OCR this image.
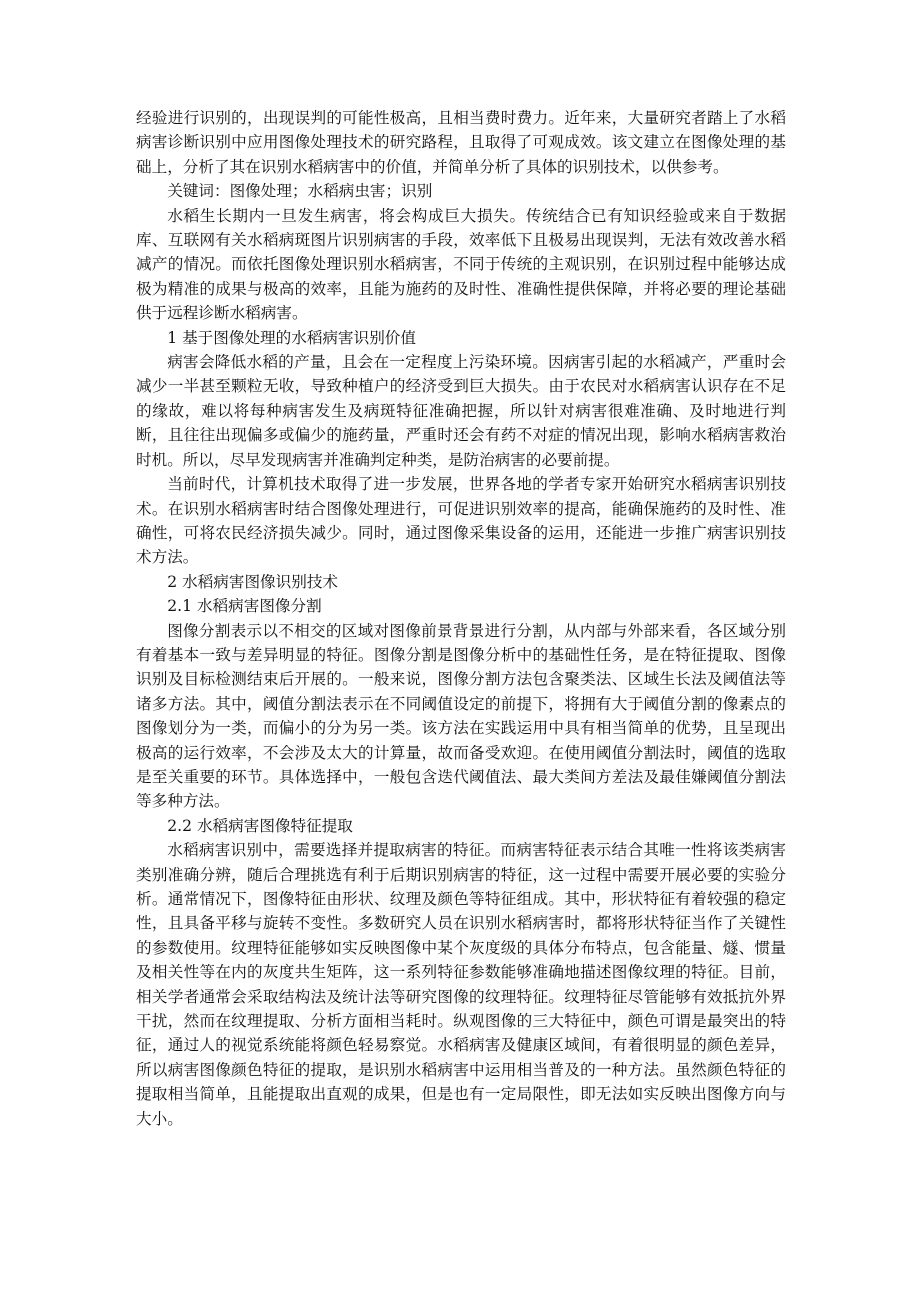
经验进行识别的，出现误判的可能性极高，且相当费时费力。近年来，大量研究者踏上了水稻病害诊断识别中应用图像处理技术的研究路程，且取得了可观成效。该文建立在图像处理的基础上，分析了其在识别水稻病害中的价值，并简单分析了具体的识别技术，以供参考。

关键词：图像处理；水稻病虫害；识别

水稻生长期内一旦发生病害，将会构成巨大损失。传统结合已有知识经验或来自于数据库、互联网有关水稻病斑图片识别病害的手段，效率低下且极易出现误判，无法有效改善水稻减产的情况。而依托图像处理识别水稻病害，不同于传统的主观识别，在识别过程中能够达成极为精准的成果与极高的效率，且能为施药的及时性、准确性提供保障，并将必要的理论基础供于远程诊断水稻病害。

1 基于图像处理的水稻病害识别价值

病害会降低水稻的产量，且会在一定程度上污染环境。因病害引起的水稻减产，严重时会减少一半甚至颗粒无收，导致种植户的经济受到巨大损失。由于农民对水稻病害认识存在不足的缘故，难以将每种病害发生及病斑特征准确把握，所以针对病害很难准确、及时地进行判断，且往往出现偏多或偏少的施药量，严重时还会有药不对症的情况出现，影响水稻病害救治时机。所以，尽早发现病害并准确判定种类，是防治病害的必要前提。

当前时代，计算机技术取得了进一步发展，世界各地的学者专家开始研究水稻病害识别技术。在识别水稻病害时结合图像处理进行，可促进识别效率的提高，能确保施药的及时性、准确性，可将农民经济损失减少。同时，通过图像采集设备的运用，还能进一步推广病害识别技术方法。

2 水稻病害图像识别技术

2.1 水稻病害图像分割

图像分割表示以不相交的区域对图像前景背景进行分割，从内部与外部来看，各区域分别有着基本一致与差异明显的特征。图像分割是图像分析中的基础性任务，是在特征提取、图像识别及目标检测结束后开展的。一般来说，图像分割方法包含聚类法、区域生长法及阈值法等诸多方法。其中，阈值分割法表示在不同阈值设定的前提下，将拥有大于阈值分割的像素点的图像划分为一类，而偏小的分为另一类。该方法在实践运用中具有相当简单的优势，且呈现出极高的运行效率，不会涉及太大的计算量，故而备受欢迎。在使用阈值分割法时，阈值的选取是至关重要的环节。具体选择中，一般包含迭代阈值法、最大类间方差法及最佳嫌阈值分割法等多种方法。

2.2 水稻病害图像特征提取

水稻病害识别中，需要选择并提取病害的特征。而病害特征表示结合其唯一性将该类病害类别准确分辨，随后合理挑选有利于后期识别病害的特征，这一过程中需要开展必要的实验分析。通常情况下，图像特征由形状、纹理及颜色等特征组成。其中，形状特征有着较强的稳定性，且具备平移与旋转不变性。多数研究人员在识别水稻病害时，都将形状特征当作了关键性的参数使用。纹理特征能够如实反映图像中某个灰度级的具体分布特点，包含能量、燧、惯量及相关性等在内的灰度共生矩阵，这一系列特征参数能够准确地描述图像纹理的特征。目前，相关学者通常会采取结构法及统计法等研究图像的纹理特征。纹理特征尽管能够有效抵抗外界干扰，然而在纹理提取、分析方面相当耗时。纵观图像的三大特征中，颜色可谓是最突出的特征，通过人的视觉系统能将颜色轻易察觉。水稻病害及健康区域间，有着很明显的颜色差异，所以病害图像颜色特征的提取，是识别水稻病害中运用相当普及的一种方法。虽然颜色特征的提取相当简单，且能提取出直观的成果，但是也有一定局限性，即无法如实反映出图像方向与大小。
